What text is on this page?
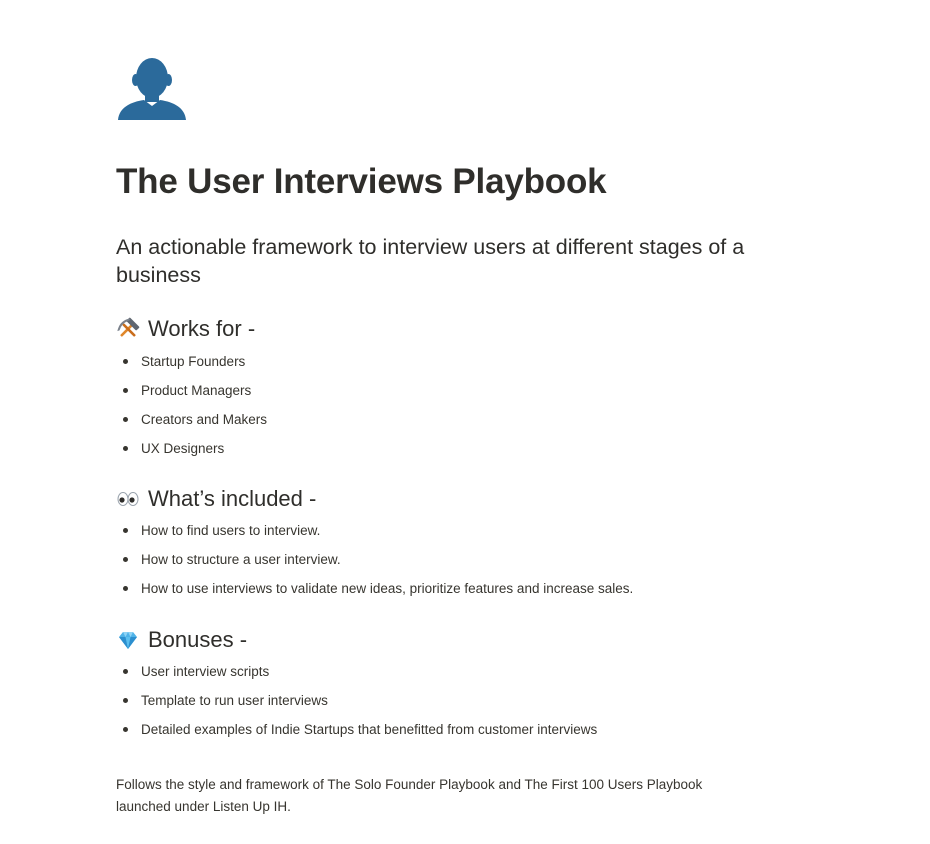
The User Interviews Playbook
An actionable framework to interview users at different stages of a business
Works for -
Startup Founders
Product Managers
Creators and Makers
UX Designers
What’s included -
How to find users to interview.
How to structure a user interview.
How to use interviews to validate new ideas, prioritize features and increase sales.
Bonuses -
User interview scripts
Template to run user interviews
Detailed examples of Indie Startups that benefitted from customer interviews

Follows the style and framework of The Solo Founder Playbook and The First 100 Users Playbook launched under Listen Up IH.
